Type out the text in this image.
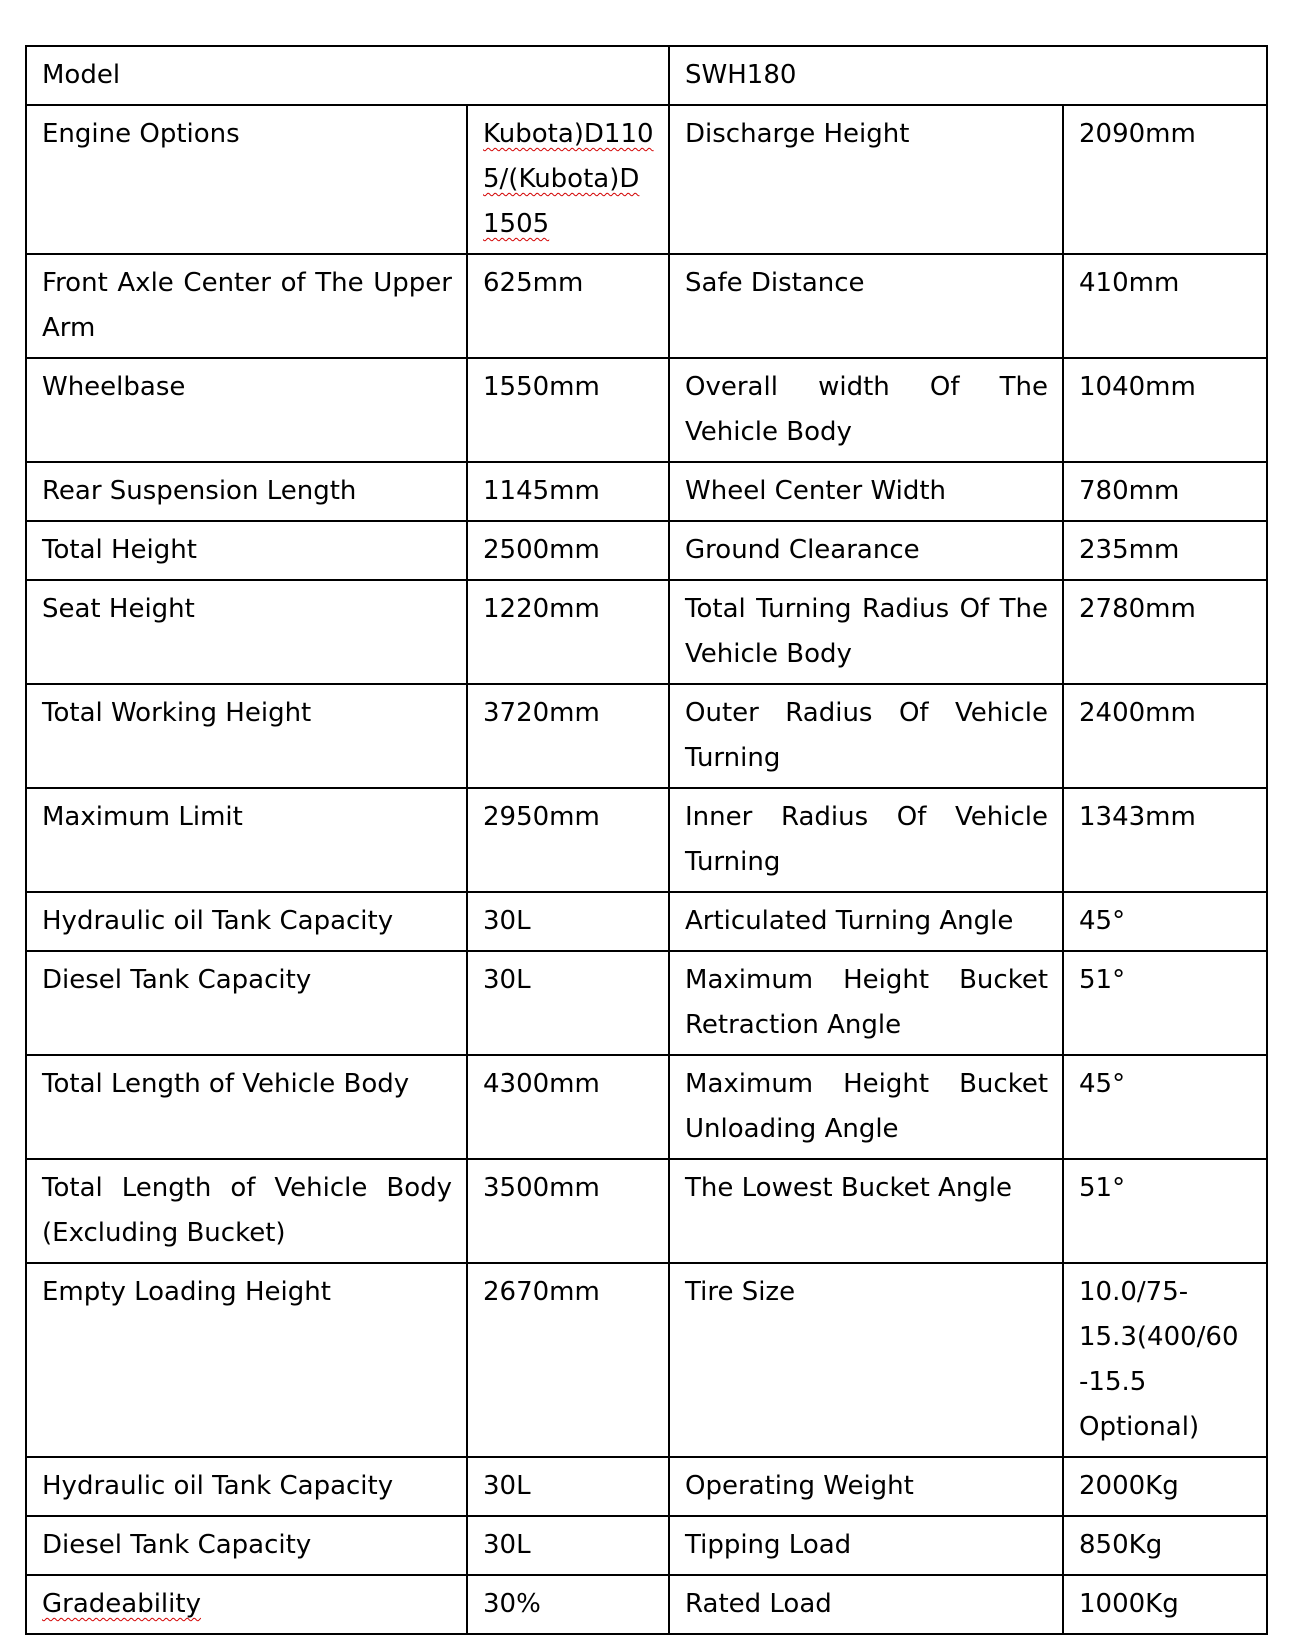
Model		SWH180	
Engine Options	Kubota)D1105/(Kubota)D1505	Discharge Height	2090mm
Front Axle Center of The Upper Arm	625mm	Safe Distance	410mm
Wheelbase	1550mm	Overall width Of The Vehicle Body	1040mm
Rear Suspension Length	1145mm	Wheel Center Width	780mm
Total Height	2500mm	Ground Clearance	235mm
Seat Height	1220mm	Total Turning Radius Of The Vehicle Body	2780mm
Total Working Height	3720mm	Outer Radius Of Vehicle Turning	2400mm
Maximum Limit	2950mm	Inner Radius Of Vehicle Turning	1343mm
Hydraulic oil Tank Capacity	30L	Articulated Turning Angle	45°
Diesel Tank Capacity	30L	Maximum Height Bucket Retraction Angle	51°
Total Length of Vehicle Body	4300mm	Maximum Height Bucket Unloading Angle	45°
Total Length of Vehicle Body (Excluding Bucket)	3500mm	The Lowest Bucket Angle	51°
Empty Loading Height	2670mm	Tire Size	10.0/75-15.3(400/60 -15.5 Optional)
Hydraulic oil Tank Capacity	30L	Operating Weight	2000Kg
Diesel Tank Capacity	30L	Tipping Load	850Kg
Gradeability	30%	Rated Load	1000Kg
